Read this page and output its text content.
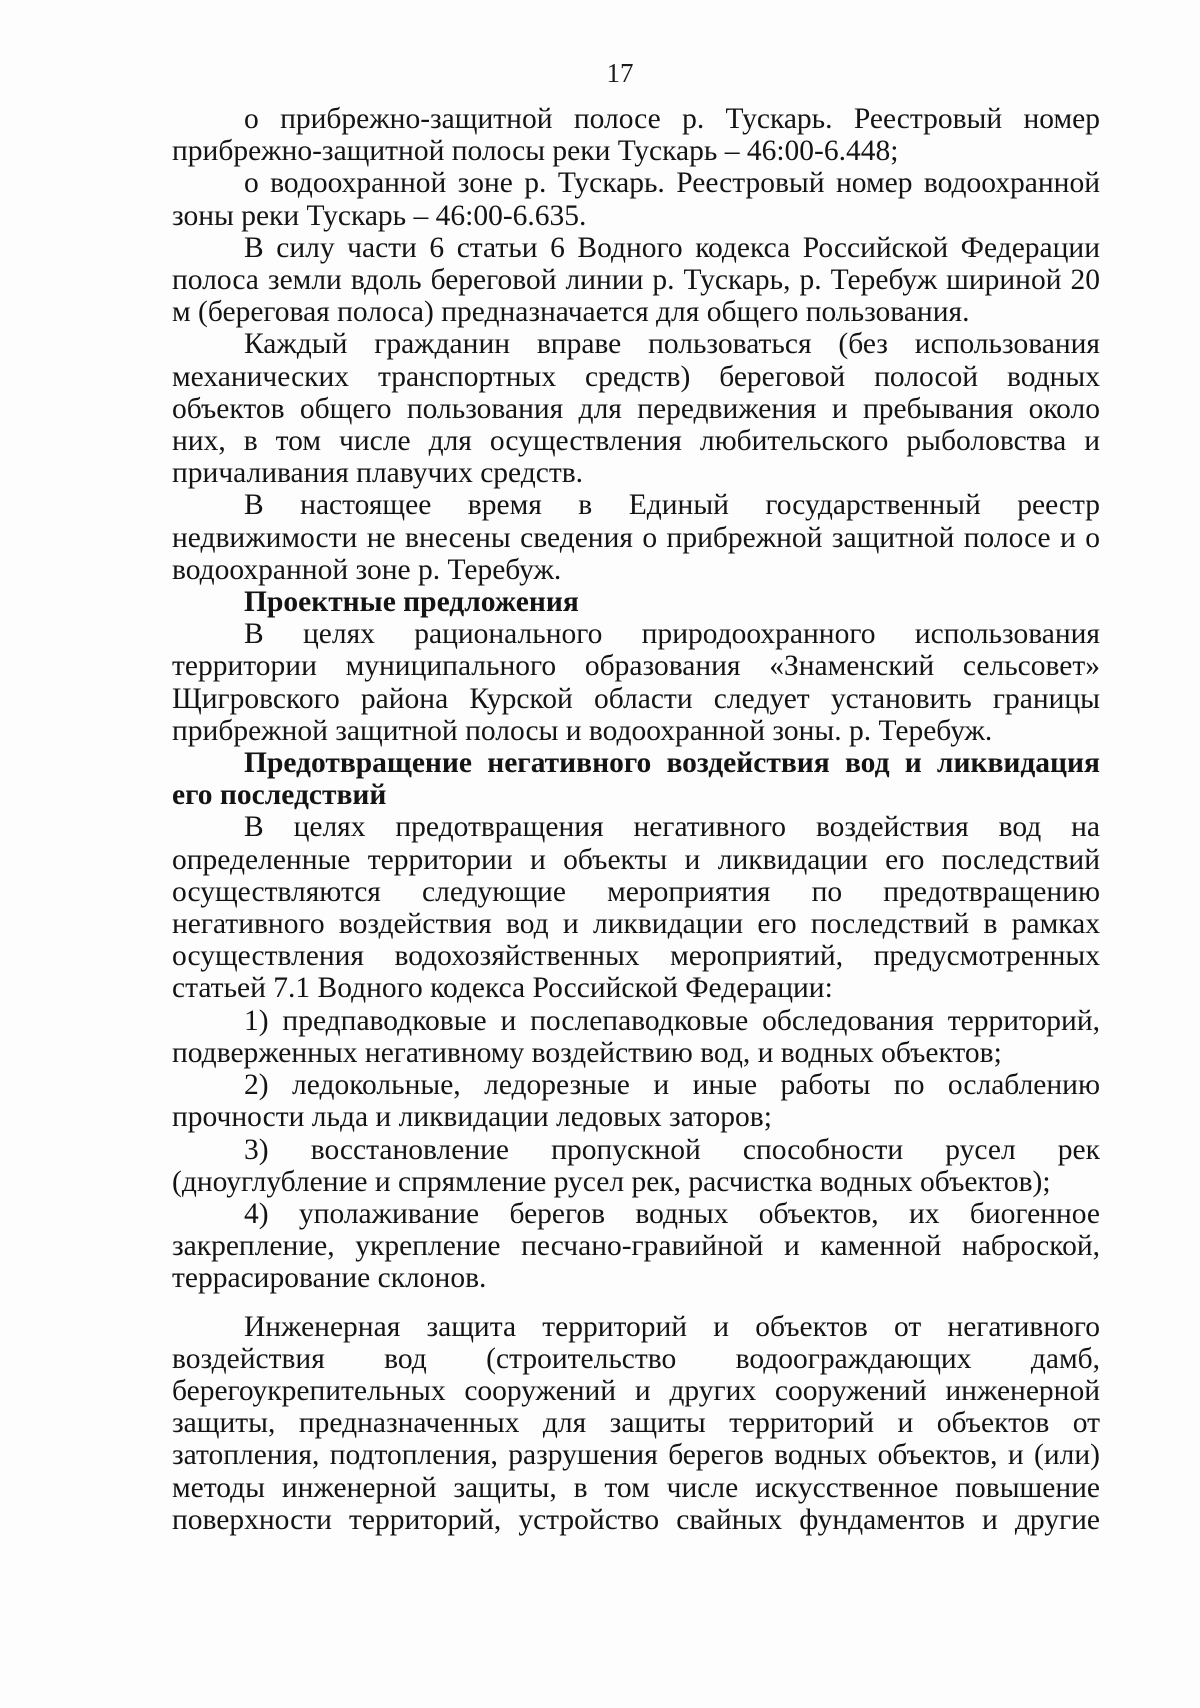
17

о прибрежно-защитной полосе р. Тускарь. Реестровый номер прибрежно-защитной полосы реки Тускарь – 46:00-6.448;

о водоохранной зоне р. Тускарь. Реестровый номер водоохранной зоны реки Тускарь – 46:00-6.635.

В силу части 6 статьи 6 Водного кодекса Российской Федерации полоса земли вдоль береговой линии р. Тускарь, р. Теребуж шириной 20 м (береговая полоса) предназначается для общего пользования.

Каждый гражданин вправе пользоваться (без использования механических транспортных средств) береговой полосой водных объектов общего пользования для передвижения и пребывания около них, в том числе для осуществления любительского рыболовства и причаливания плавучих средств.

В настоящее время в Единый государственный реестр недвижимости не внесены сведения о прибрежной защитной полосе и о водоохранной зоне р. Теребуж.

Проектные предложения

В целях рационального природоохранного использования территории муниципального образования «Знаменский сельсовет» Щигровского района Курской области следует установить границы прибрежной защитной полосы и водоохранной зоны. р. Теребуж.

Предотвращение негативного воздействия вод и ликвидация его последствий

В целях предотвращения негативного воздействия вод на определенные территории и объекты и ликвидации его последствий осуществляются следующие мероприятия по предотвращению негативного воздействия вод и ликвидации его последствий в рамках осуществления водохозяйственных мероприятий, предусмотренных статьей 7.1 Водного кодекса Российской Федерации:

1) предпаводковые и послепаводковые обследования территорий, подверженных негативному воздействию вод, и водных объектов;

2) ледокольные, ледорезные и иные работы по ослаблению прочности льда и ликвидации ледовых заторов;

3) восстановление пропускной способности русел рек (дноуглубление и спрямление русел рек, расчистка водных объектов);

4) уполаживание берегов водных объектов, их биогенное закрепление, укрепление песчано-гравийной и каменной наброской, террасирование склонов.

Инженерная защита территорий и объектов от негативного воздействия вод (строительство водоограждающих дамб, берегоукрепительных сооружений и других сооружений инженерной защиты, предназначенных для защиты территорий и объектов от затопления, подтопления, разрушения берегов водных объектов, и (или) методы инженерной защиты, в том числе искусственное повышение поверхности территорий, устройство свайных фундаментов и другие
